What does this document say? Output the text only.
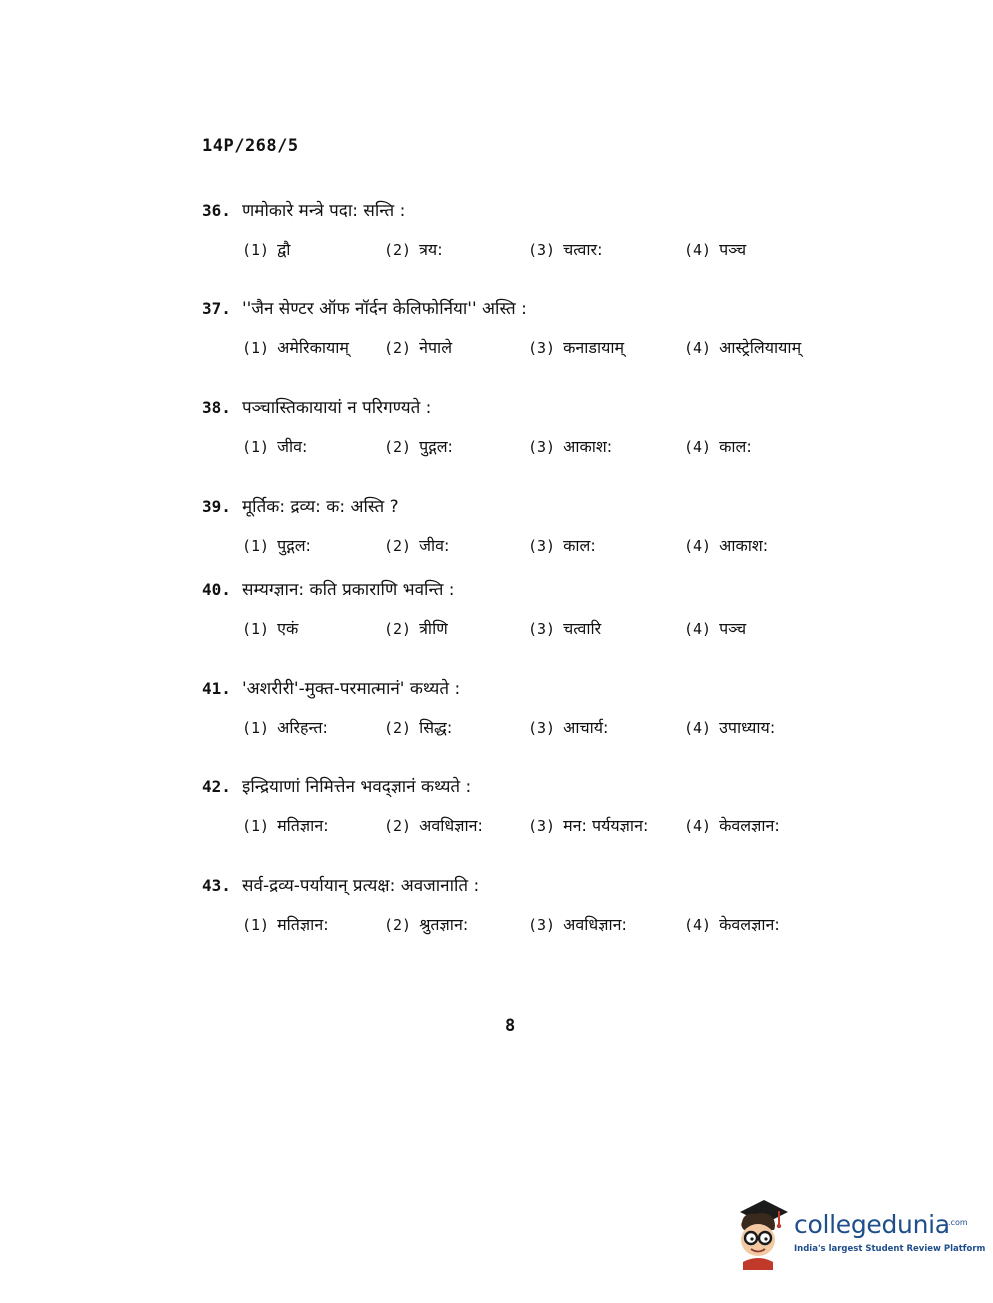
14P/268/5
36. णमोकारे मन्त्रे पदा: सन्ति :
(1) द्वौ	(2) त्रय:	(3) चत्वार:	(4) पञ्च
37. ''जैन सेण्टर ऑफ नॉर्दन केलिफोर्निया'' अस्ति :
(1) अमेरिकायाम् (2) नेपाले	(3) कनाडायाम्	(4) आस्ट्रेलियायाम्
38. पञ्चास्तिकायायां न परिगण्यते :
(1) जीव:	(2) पुद्गल:	(3) आकाश:	(4) काल:
39. मूर्तिक: द्रव्य: क: अस्ति ?
(1) पुद्गल:	(2) जीव:	(3) काल:	(4) आकाश:
40. सम्यग्ज्ञान: कति प्रकाराणि भवन्ति :
(1) एकं	(2) त्रीणि	(3) चत्वारि	(4) पञ्च
41. 'अशरीरी'-मुक्त-परमात्मानं' कथ्यते :
(1) अरिहन्त:	(2) सिद्ध:	(3) आचार्य:	(4) उपाध्याय:
42. इन्द्रियाणां निमित्तेन भवद्ज्ञानं कथ्यते :
(1) मतिज्ञान:	(2) अवधिज्ञान:	(3) मन: पर्ययज्ञान: (4) केवलज्ञान:
43. सर्व-द्रव्य-पर्यायान् प्रत्यक्ष: अवजानाति :
(1) मतिज्ञान:	(2) श्रुतज्ञान:	(3) अवधिज्ञान:	(4) केवलज्ञान:
8
collegedunia
.com
India's largest Student Review Platform
